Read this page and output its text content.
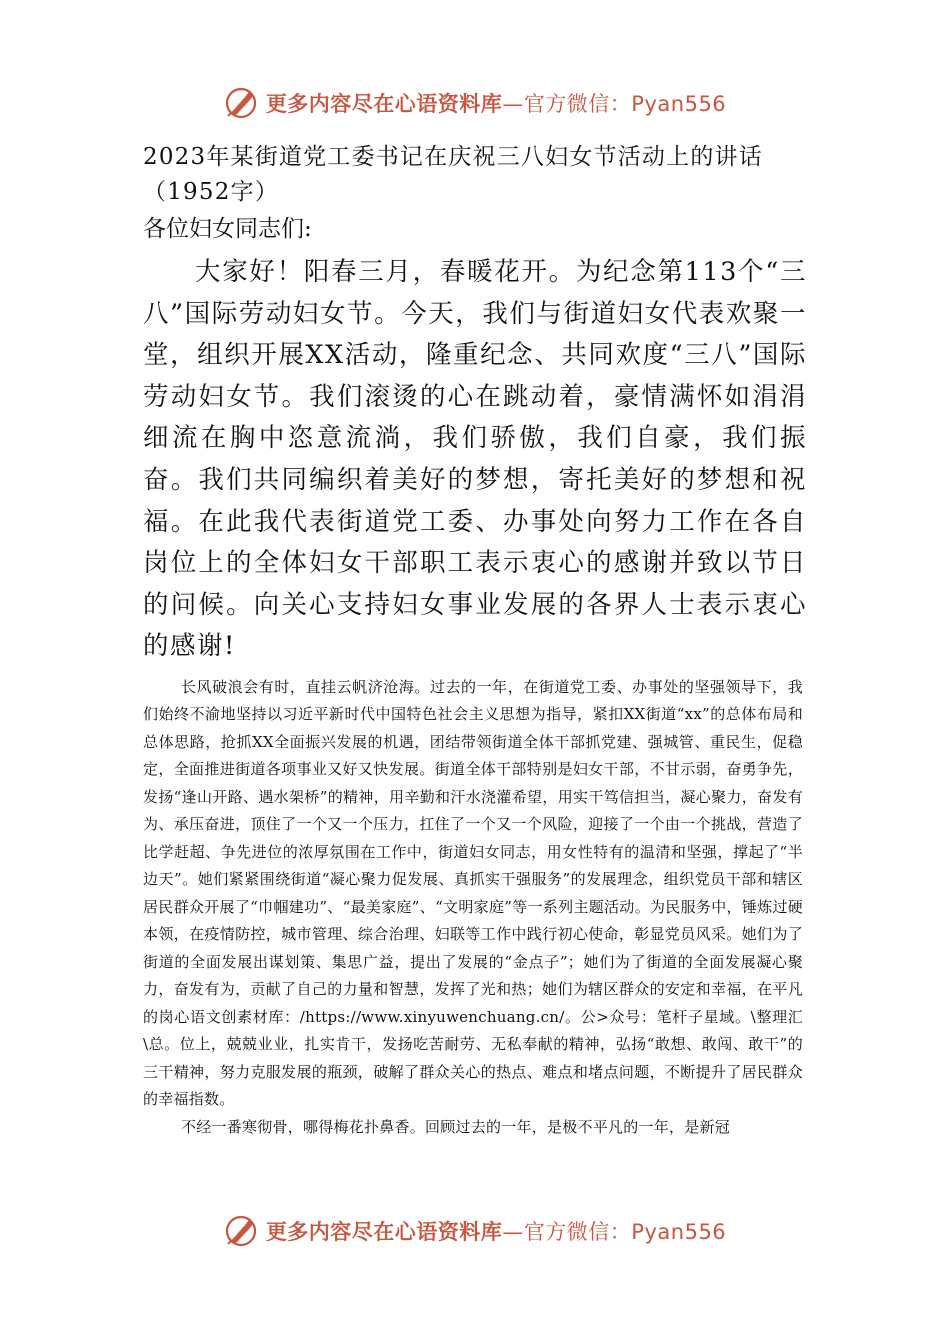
更多内容尽在心语资料库—官方微信：Pyan556
2023年某街道党工委书记在庆祝三八妇女节活动上的讲话（1952字）

各位妇女同志们:

大家好！阳春三月，春暖花开。为纪念第113个“三八”国际劳动妇女节。今天，我们与街道妇女代表欢聚一堂，组织开展XX活动，隆重纪念、共同欢度“三八”国际劳动妇女节。我们滚烫的心在跳动着，豪情满怀如涓涓细流在胸中恣意流淌，我们骄傲，我们自豪，我们振奋。我们共同编织着美好的梦想，寄托美好的梦想和祝福。在此我代表街道党工委、办事处向努力工作在各自岗位上的全体妇女干部职工表示衷心的感谢并致以节日的问候。向关心支持妇女事业发展的各界人士表示衷心的感谢!

长风破浪会有时，直挂云帆济沧海。过去的一年，在街道党工委、办事处的坚强领导下，我们始终不渝地坚持以习近平新时代中国特色社会主义思想为指导，紧扣XX街道“xx”的总体布局和总体思路，抢抓XX全面振兴发展的机遇，团结带领街道全体干部抓党建、强城管、重民生，促稳定，全面推进街道各项事业又好又快发展。街道全体干部特别是妇女干部，不甘示弱，奋勇争先，发扬“逢山开路、遇水架桥”的精神，用辛勤和汗水浇灌希望，用实干笃信担当，凝心聚力，奋发有为、承压奋进，顶住了一个又一个压力，扛住了一个又一个风险，迎接了一个由一个挑战，营造了比学赶超、争先进位的浓厚氛围在工作中，街道妇女同志，用女性特有的温清和坚强，撑起了“半边天”。她们紧紧围绕街道“凝心聚力促发展、真抓实干强服务”的发展理念，组织党员干部和辖区居民群众开展了“巾帼建功”、“最美家庭”、“文明家庭”等一系列主题活动。为民服务中，锤炼过硬本领，在疫情防控，城市管理、综合治理、妇联等工作中践行初心使命，彰显党员风采。她们为了街道的全面发展出谋划策、集思广益，提出了发展的“金点子”；她们为了街道的全面发展凝心聚力，奋发有为，贡献了自己的力量和智慧，发挥了光和热；她们为辖区群众的安定和幸福，在平凡的岗心语文创素材库：/https://www.xinyuwenchuang.cn/。公>众号：笔杆子星域。\整理汇\总。位上，兢兢业业，扎实肯干，发扬吃苦耐劳、无私奉献的精神，弘扬“敢想、敢闯、敢干”的三干精神，努力克服发展的瓶颈，破解了群众关心的热点、难点和堵点问题，不断提升了居民群众的幸福指数。

不经一番寒彻骨，哪得梅花扑鼻香。回顾过去的一年，是极不平凡的一年，是新冠

更多内容尽在心语资料库—官方微信：Pyan556
